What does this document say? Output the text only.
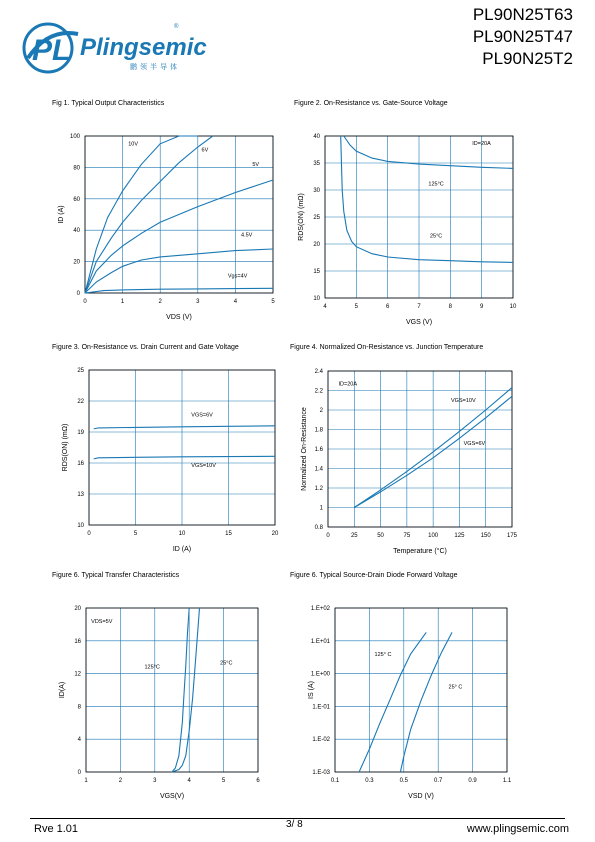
PL90N25T63
PL90N25T47
PL90N25T2
PL Plingsemic
鹏领半导体
®
Fig 1. Typical Output Characteristics	Figure 2. On-Resistance vs. Gate-Source Voltage
Figure 3. On-Resistance vs. Drain Current and Gate Voltage	Figure 4. Normalized On-Resistance vs. Junction Temperature
Figure 6. Typical Transfer Characteristics	Figure 6. Typical Source-Drain Diode Forward Voltage
0	1	2	3	4	5
0
20
40
60
80
100
10V
6V
5V
4.5V
Vgs=4V
VDS (V)
ID (A)
4	5	6	7	8	9	10
10
15
20
25
30
35
40
ID=20A
125°C
25°C
VGS (V)
RDS(ON) (mΩ)
0	5	10	15	20
10
13
16
19
22
25
VGS=6V
VGS=10V
ID (A)
RDS(ON) (mΩ)
0	25	50	75	100	125	150	175
0.8
1
1.2
1.4
1.6
1.8
2
2.2
2.4
ID=20A
VGS=10V
VGS=6V
Temperature (°C)
Normalized On-Resistance
1	2	3	4	5	6
0
4
8
12
16
20
VDS=5V
125°C
25°C
VGS(V)
ID(A)
0.1	0.3	0.5	0.7	0.9	1.1
1.E-03
1.E-02
1.E-01
1.E+00
1.E+01
1.E+02
125° C
25° C
VSD (V)
IS (A)
Rve 1.01	3/ 8	www.plingsemic.com
